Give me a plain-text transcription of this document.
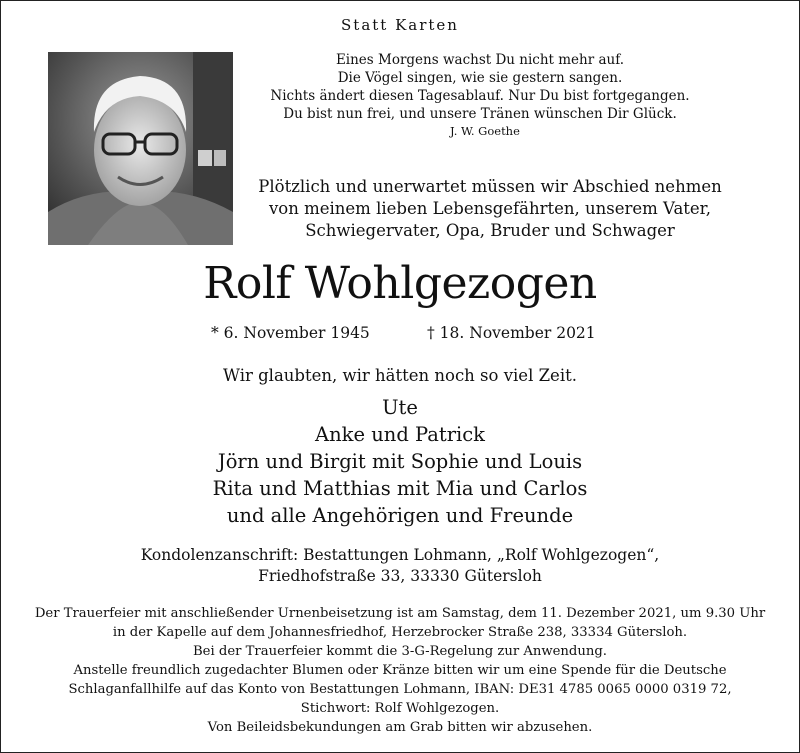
Statt Karten
Eines Morgens wachst Du nicht mehr auf.
Die Vögel singen, wie sie gestern sangen.
Nichts ändert diesen Tagesablauf. Nur Du bist fortgegangen.
Du bist nun frei, und unsere Tränen wünschen Dir Glück.
J. W. Goethe
Plötzlich und unerwartet müssen wir Abschied nehmen
von meinem lieben Lebensgefährten, unserem Vater,
Schwiegervater, Opa, Bruder und Schwager
Rolf Wohlgezogen
* 6. November 1945	† 18. November 2021
Wir glaubten, wir hätten noch so viel Zeit.
Ute
Anke und Patrick
Jörn und Birgit mit Sophie und Louis
Rita und Matthias mit Mia und Carlos
und alle Angehörigen und Freunde
Kondolenzanschrift: Bestattungen Lohmann, „Rolf Wohlgezogen“,
Friedhofstraße 33, 33330 Gütersloh
Der Trauerfeier mit anschließender Urnenbeisetzung ist am Samstag, dem 11. Dezember 2021, um 9.30 Uhr
in der Kapelle auf dem Johannesfriedhof, Herzebrocker Straße 238, 33334 Gütersloh.
Bei der Trauerfeier kommt die 3-G-Regelung zur Anwendung.
Anstelle freundlich zugedachter Blumen oder Kränze bitten wir um eine Spende für die Deutsche
Schlaganfallhilfe auf das Konto von Bestattungen Lohmann, IBAN: DE31 4785 0065 0000 0319 72,
Stichwort: Rolf Wohlgezogen.
Von Beileidsbekundungen am Grab bitten wir abzusehen.
